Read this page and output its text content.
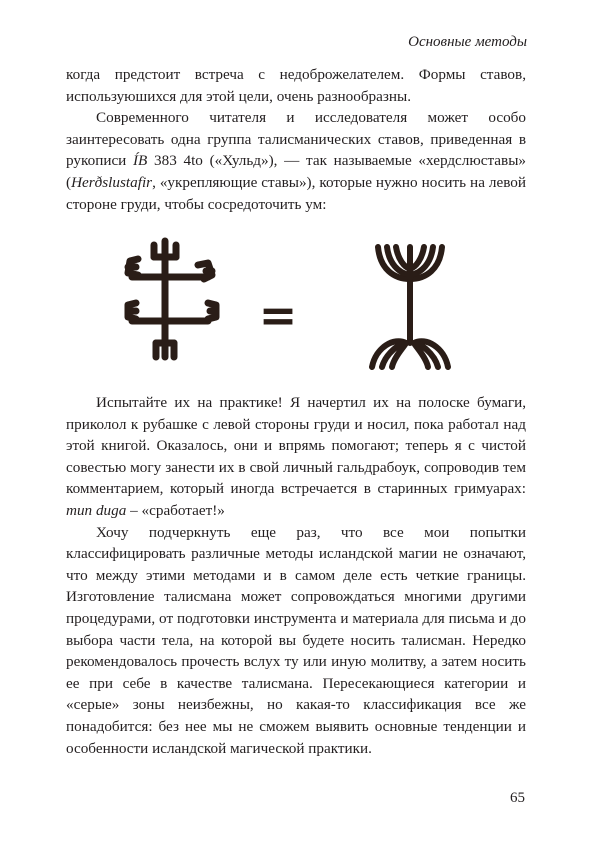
Основные методы

когда предстоит встреча с недоброжелателем. Формы ставов, используюшихся для этой цели, очень разнообразны.

Современного читателя и исследователя может особо заинтересовать одна группа талисманических ставов, приведенная в рукописи ÍB 383 4to («Хульд»), — так называемые «хердслюставы» (Herðslustafir, «укрепляющие ставы»), которые нужно носить на левой стороне груди, чтобы сосредоточить ум:

=

Испытайте их на практике! Я начертил их на полоске бумаги, приколол к рубашке с левой стороны груди и носил, пока работал над этой книгой. Оказалось, они и впрямь помогают; теперь я с чистой совестью могу занести их в свой личный гальдрабоук, сопроводив тем комментарием, который иногда встречается в старинных гримуарах: mun duga – «сработает!»

Хочу подчеркнуть еще раз, что все мои попытки классифицировать различные методы исландской магии не означают, что между этими методами и в самом деле есть четкие границы. Изготовление талисмана может сопровождаться многими другими процедурами, от подготовки инструмента и материала для письма и до выбора части тела, на которой вы будете носить талисман. Нередко рекомендовалось прочесть вслух ту или иную молитву, а затем носить ее при себе в качестве талисмана. Пересекающиеся категории и «серые» зоны неизбежны, но какая-то классификация все же понадобится: без нее мы не сможем выявить основные тенденции и особенности исландской магической практики.

65
